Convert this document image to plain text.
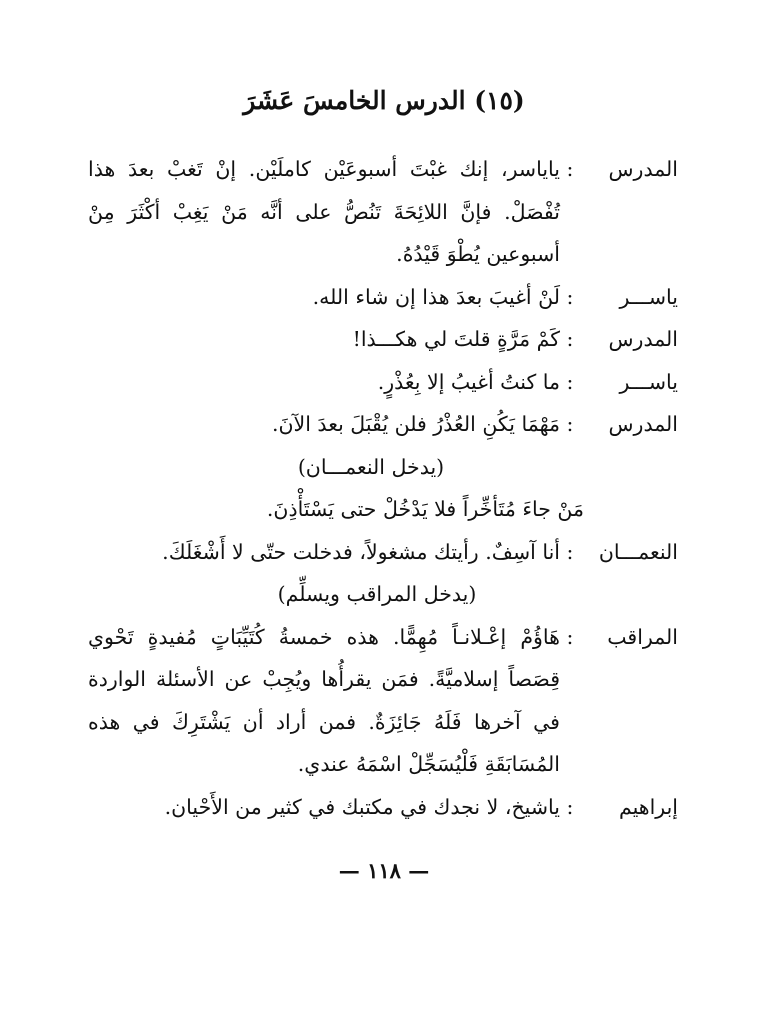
(١٥) الدرس الخامسَ عَشَرَ
المدرس
:
ياياسر، إنك غبْتَ أسبوعَيْن كاملَيْن. إنْ تَغبْ بعدَ هذا تُفْصَلْ. فإنَّ اللائِحَةَ تَنُصُّ على أنَّه مَنْ يَغِبْ أكْثَرَ مِنْ أسبوعين يُطْوَ قَيْدُهُ.
ياســـر
:
لَنْ أغيبَ بعدَ هذا إن شاء الله.
المدرس
:
كَمْ مَرَّةٍ قلتَ لي هكـــذا!
ياســـر
:
ما كنتُ أغيبُ إلا بِعُذْرٍ.
المدرس
:
مَهْمَا يَكُنِ العُذْرُ فلن يُقْبَلَ بعدَ الآنَ.
(يدخل النعمـــان)
مَنْ جاءَ مُتَأخِّراً فلا يَدْخُلْ حتى يَسْتَأْذِنَ.
النعمـــان
:
أنا آسِفٌ. رأيتك مشغولاً، فدخلت حتّى لا أَشْغَلَكَ.
(يدخل المراقب ويسلِّم)
المراقب
:
هَاؤُمْ إعْـلانـاً مُهِمًّا. هذه خمسةُ كُتَيِّبَاتٍ مُفيدةٍ تَحْوي قِصَصاً إسلاميَّةً. فمَن يقرأُها ويُجِبْ عن الأسئلة الواردة في آخرها فَلَهُ جَائِزَةٌ. فمن أراد أن يَشْتَرِكَ في هذه المُسَابَقَةِ فَلْيُسَجِّلْ اسْمَهُ عندي.
إبراهيم
:
ياشيخ، لا نجدك في مكتبك في كثير من الأَحْيان.
— ١١٨ —
